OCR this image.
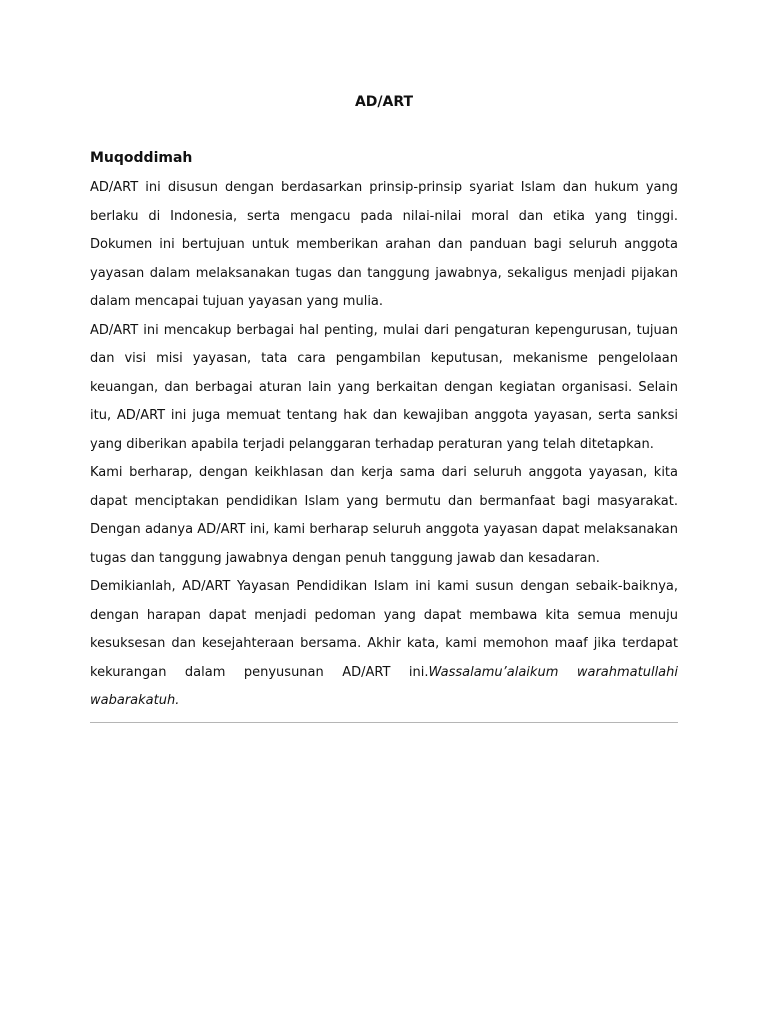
AD/ART
Muqoddimah

AD/ART ini disusun dengan berdasarkan prinsip-prinsip syariat Islam dan hukum yang berlaku di Indonesia, serta mengacu pada nilai-nilai moral dan etika yang tinggi. Dokumen ini bertujuan untuk memberikan arahan dan panduan bagi seluruh anggota yayasan dalam melaksanakan tugas dan tanggung jawabnya, sekaligus menjadi pijakan dalam mencapai tujuan yayasan yang mulia.

AD/ART ini mencakup berbagai hal penting, mulai dari pengaturan kepengurusan, tujuan dan visi misi yayasan, tata cara pengambilan keputusan, mekanisme pengelolaan keuangan, dan berbagai aturan lain yang berkaitan dengan kegiatan organisasi. Selain itu, AD/ART ini juga memuat tentang hak dan kewajiban anggota yayasan, serta sanksi yang diberikan apabila terjadi pelanggaran terhadap peraturan yang telah ditetapkan.

Kami berharap, dengan keikhlasan dan kerja sama dari seluruh anggota yayasan, kita dapat menciptakan pendidikan Islam yang bermutu dan bermanfaat bagi masyarakat. Dengan adanya AD/ART ini, kami berharap seluruh anggota yayasan dapat melaksanakan tugas dan tanggung jawabnya dengan penuh tanggung jawab dan kesadaran.

Demikianlah, AD/ART Yayasan Pendidikan Islam ini kami susun dengan sebaik-baiknya, dengan harapan dapat menjadi pedoman yang dapat membawa kita semua menuju kesuksesan dan kesejahteraan bersama. Akhir kata, kami memohon maaf jika terdapat kekurangan dalam penyusunan AD/ART ini.Wassalamu’alaikum warahmatullahi wabarakatuh.
